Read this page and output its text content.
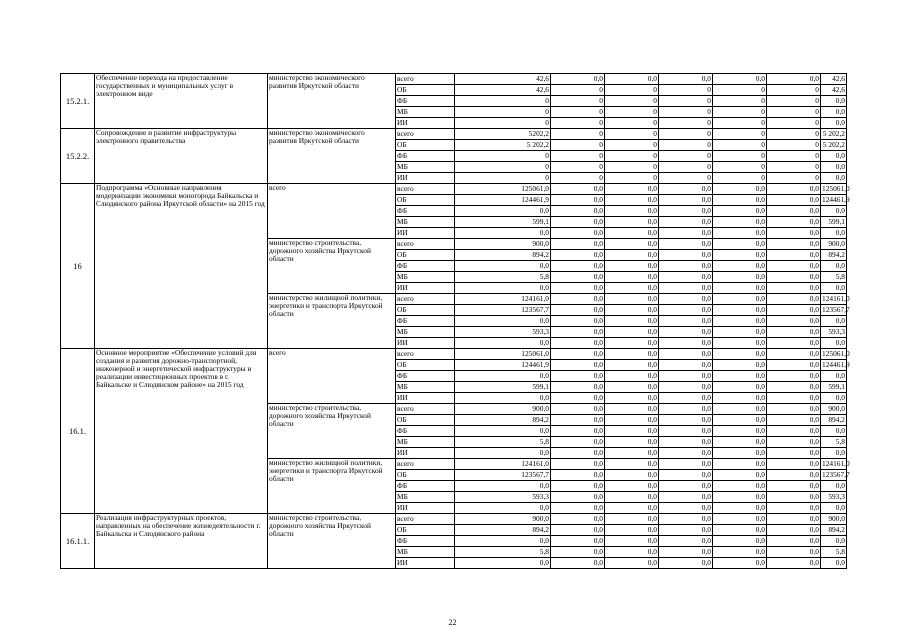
15.2.1.	Обеспечение перехода на предоставление государственных и муниципальных услуг в электронном виде	министерство экономического развития Иркутской области	всего	42,6	0,0	0,0	0,0	0,0	0,0	42,6
			ОБ	42,6	0	0	0	0	0	42,6
			ФБ	0	0	0	0	0	0	0,0
			МБ	0	0	0	0	0	0	0,0
			ИИ	0	0	0	0	0	0	0,0
15.2.2.	Сопровождение и развитие инфраструктуры электронного правительства	министерство экономического развития Иркутской области	всего	5202,2	0	0	0	0	0	5 202,2
			ОБ	5 202,2	0	0	0	0	0	5 202,2
			ФБ	0	0	0	0	0	0	0,0
			МБ	0	0	0	0	0	0	0,0
			ИИ	0	0	0	0	0	0	0,0
16	Подпрограмма «Основные направления модернизации экономики моногорода Байкальска и Слюдянского района Иркутской области» на 2015 год	всего	всего	125061,0	0,0	0,0	0,0	0,0	0,0	125061,0
			ОБ	124461,9	0,0	0,0	0,0	0,0	0,0	124461,9
			ФБ	0,0	0,0	0,0	0,0	0,0	0,0	0,0
			МБ	599,1	0,0	0,0	0,0	0,0	0,0	599,1
			ИИ	0,0	0,0	0,0	0,0	0,0	0,0	0,0
		министерство строительства, дорожного хозяйства Иркутской области	всего	900,0	0,0	0,0	0,0	0,0	0,0	900,0
			ОБ	894,2	0,0	0,0	0,0	0,0	0,0	894,2
			ФБ	0,0	0,0	0,0	0,0	0,0	0,0	0,0
			МБ	5,8	0,0	0,0	0,0	0,0	0,0	5,8
			ИИ	0,0	0,0	0,0	0,0	0,0	0,0	0,0
		министерство жилищной политики, энергетики и транспорта Иркутской области	всего	124161,0	0,0	0,0	0,0	0,0	0,0	124161,0
			ОБ	123567,7	0,0	0,0	0,0	0,0	0,0	123567,7
			ФБ	0,0	0,0	0,0	0,0	0,0	0,0	0,0
			МБ	593,3	0,0	0,0	0,0	0,0	0,0	593,3
			ИИ	0,0	0,0	0,0	0,0	0,0	0,0	0,0
16.1.	Основное мероприятие «Обеспечение условий для создания и развития дорожно-транспортной, инженерной и энергетической инфраструктуры и реализации инвестиционных проектов в г. Байкальске и Слюдянском районе» на 2015 год	всего	всего	125061,0	0,0	0,0	0,0	0,0	0,0	125061,0
			ОБ	124461,9	0,0	0,0	0,0	0,0	0,0	124461,9
			ФБ	0,0	0,0	0,0	0,0	0,0	0,0	0,0
			МБ	599,1	0,0	0,0	0,0	0,0	0,0	599,1
			ИИ	0,0	0,0	0,0	0,0	0,0	0,0	0,0
		министерство строительства, дорожного хозяйства Иркутской области	всего	900,0	0,0	0,0	0,0	0,0	0,0	900,0
			ОБ	894,2	0,0	0,0	0,0	0,0	0,0	894,2
			ФБ	0,0	0,0	0,0	0,0	0,0	0,0	0,0
			МБ	5,8	0,0	0,0	0,0	0,0	0,0	5,8
			ИИ	0,0	0,0	0,0	0,0	0,0	0,0	0,0
		министерство жилищной политики, энергетики и транспорта Иркутской области	всего	124161,0	0,0	0,0	0,0	0,0	0,0	124161,0
			ОБ	123567,7	0,0	0,0	0,0	0,0	0,0	123567,7
			ФБ	0,0	0,0	0,0	0,0	0,0	0,0	0,0
			МБ	593,3	0,0	0,0	0,0	0,0	0,0	593,3
			ИИ	0,0	0,0	0,0	0,0	0,0	0,0	0,0
16.1.1.	Реализация инфраструктурных проектов, направленных на обеспечение жизнедеятельности г. Байкальска и Слюдянского района	министерство строительства, дорожного хозяйства Иркутской области	всего	900,0	0,0	0,0	0,0	0,0	0,0	900,0
			ОБ	894,2	0,0	0,0	0,0	0,0	0,0	894,2
			ФБ	0,0	0,0	0,0	0,0	0,0	0,0	0,0
			МБ	5,8	0,0	0,0	0,0	0,0	0,0	5,8
			ИИ	0,0	0,0	0,0	0,0	0,0	0,0	0,0
22
